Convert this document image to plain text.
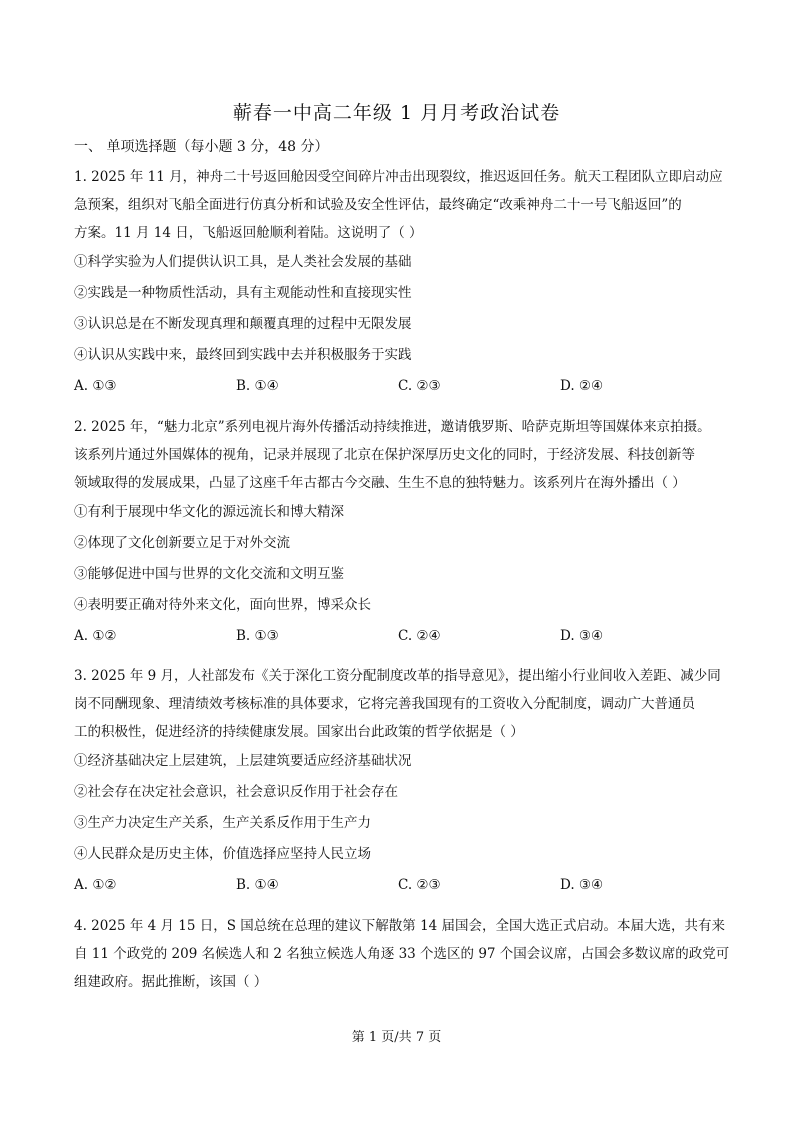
蕲春一中高二年级 1 月月考政治试卷
一、 单项选择题（每小题 3 分，48 分）
1. 2025 年 11 月，神舟二十号返回舱因受空间碎片冲击出现裂纹，推迟返回任务。航天工程团队立即启动应
急预案，组织对飞船全面进行仿真分析和试验及安全性评估，最终确定“改乘神舟二十一号飞船返回”的
方案。11 月 14 日，飞船返回舱顺利着陆。这说明了（ ）
①科学实验为人们提供认识工具，是人类社会发展的基础
②实践是一种物质性活动，具有主观能动性和直接现实性
③认识总是在不断发现真理和颠覆真理的过程中无限发展
④认识从实践中来，最终回到实践中去并积极服务于实践
A. ①③	B. ①④	C. ②③	D. ②④
2. 2025 年，“魅力北京”系列电视片海外传播活动持续推进，邀请俄罗斯、哈萨克斯坦等国媒体来京拍摄。
该系列片通过外国媒体的视角，记录并展现了北京在保护深厚历史文化的同时，于经济发展、科技创新等
领域取得的发展成果，凸显了这座千年古都古今交融、生生不息的独特魅力。该系列片在海外播出（ ）
①有利于展现中华文化的源远流长和博大精深
②体现了文化创新要立足于对外交流
③能够促进中国与世界的文化交流和文明互鉴
④表明要正确对待外来文化，面向世界，博采众长
A. ①②	B. ①③	C. ②④	D. ③④
3. 2025 年 9 月，人社部发布《关于深化工资分配制度改革的指导意见》，提出缩小行业间收入差距、减少同
岗不同酬现象、理清绩效考核标准的具体要求，它将完善我国现有的工资收入分配制度，调动广大普通员
工的积极性，促进经济的持续健康发展。国家出台此政策的哲学依据是（ ）
①经济基础决定上层建筑，上层建筑要适应经济基础状况
②社会存在决定社会意识，社会意识反作用于社会存在
③生产力决定生产关系，生产关系反作用于生产力
④人民群众是历史主体，价值选择应坚持人民立场
A. ①②	B. ①④	C. ②③	D. ③④
4. 2025 年 4 月 15 日，S 国总统在总理的建议下解散第 14 届国会，全国大选正式启动。本届大选，共有来
自 11 个政党的 209 名候选人和 2 名独立候选人角逐 33 个选区的 97 个国会议席，占国会多数议席的政党可
组建政府。据此推断，该国（ ）
第 1 页/共 7 页
